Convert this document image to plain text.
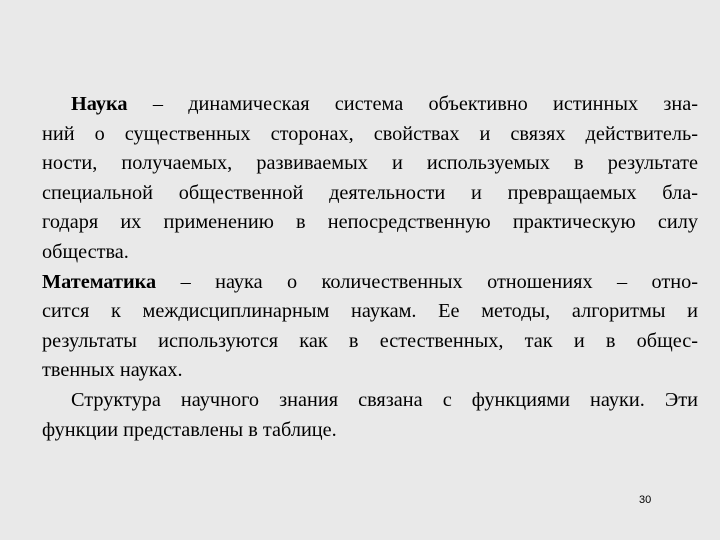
Наука – динамическая система объективно истинных зна-
ний о существенных сторонах, свойствах и связях действитель-
ности, получаемых, развиваемых и используемых в результате
специальной общественной деятельности и превращаемых бла-
годаря их применению в непосредственную практическую силу
общества.
Математика – наука о количественных отношениях – отно-
сится к междисциплинарным наукам. Ее методы, алгоритмы и
результаты используются как в естественных, так и в общес-
твенных науках.
Структура научного знания связана с функциями науки. Эти
функции представлены в таблице.
30
